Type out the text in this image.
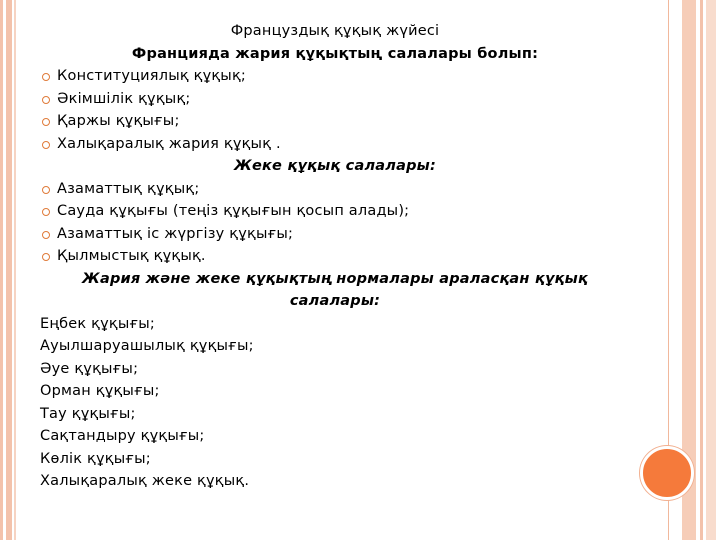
Француздық құқық жүйесі
Францияда жария құқықтың салалары болып:
Конституциялық құқық;
Әкімшілік құқық;
Қаржы құқығы;
Халықаралық жария құқық .
Жеке құқық салалары:
Азаматтық құқық;
Сауда құқығы (теңіз құқығын қосып алады);
Азаматтық іс жүргізу құқығы;
Қылмыстық құқық.
Жария және жеке құқықтың нормалары араласқан құқық салалары:
Еңбек құқығы;
Ауылшаруашылық құқығы;
Әуе құқығы;
Орман құқығы;
Тау құқығы;
Сақтандыру құқығы;
Көлік құқығы;
Халықаралық жеке құқық.
